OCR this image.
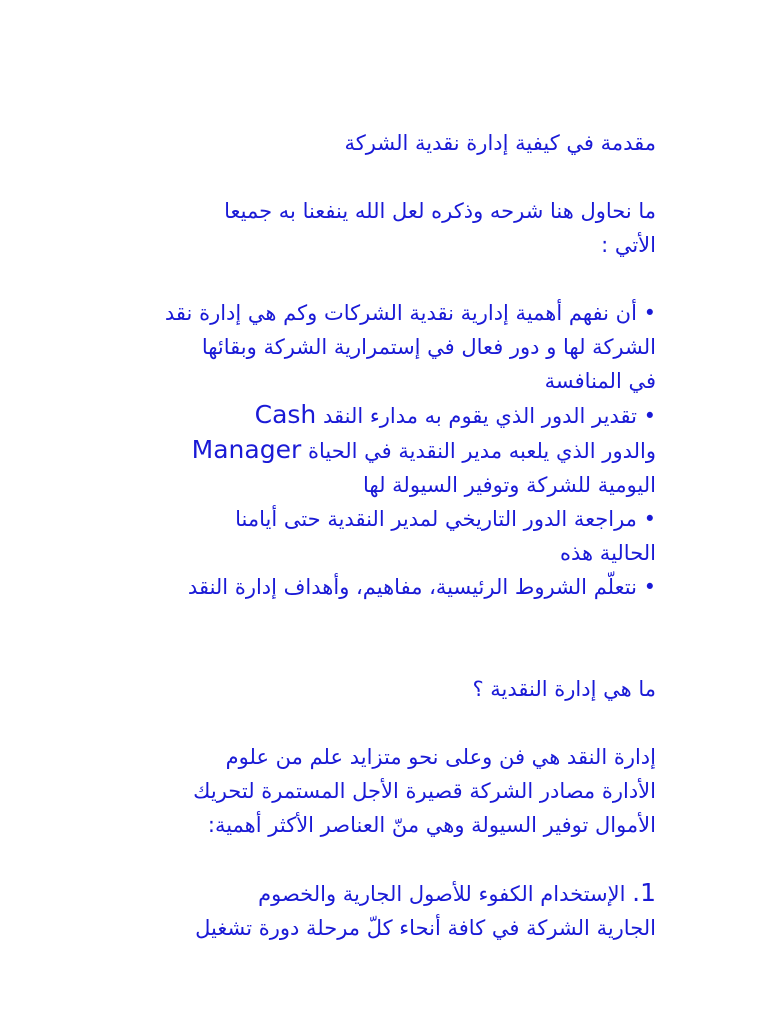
مقدمة في كيفية إدارة نقدية الشركة
ما نحاول هنا شرحه وذكره لعل الله ينفعنا به جميعا
الأتي :
• أن نفهم أهمية إدارية نقدية الشركات وكم هي إدارة نقد
الشركة لها و دور فعال في إستمرارية الشركة وبقائها
في المنافسة
• تقدير الدور الذي يقوم به مدارء النقد Cash
والدور الذي يلعبه مدير النقدية في الحياة Manager
اليومية للشركة وتوفير السيولة لها
• مراجعة الدور التاريخي لمدير النقدية حتى أيامنا
الحالية هذه
• نتعلّم الشروط الرئيسية، مفاهيم، وأهداف إدارة النقد
ما هي إدارة النقدية ؟
إدارة النقد هي فن وعلى نحو متزايد علم من علوم
الأدارة مصادر الشركة قصيرة الأجل المستمرة لتحريك
الأموال توفير السيولة وهي منّ العناصر الأكثر أهمية:
1. الإستخدام الكفوء للأصول الجارية والخصوم
الجارية الشركة في كافة أنحاء كلّ مرحلة دورة تشغيل
